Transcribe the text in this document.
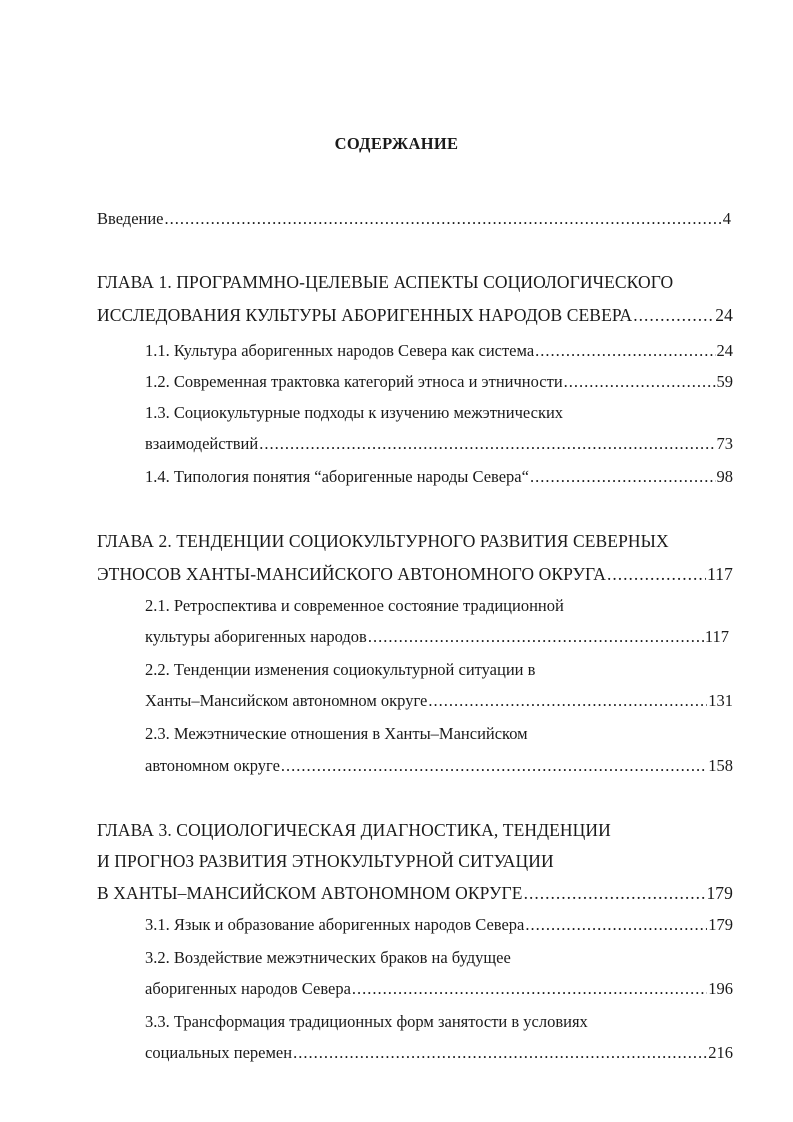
СОДЕРЖАНИЕ
Введение .....	4
ГЛАВА 1. ПРОГРАММНО-ЦЕЛЕВЫЕ АСПЕКТЫ СОЦИОЛОГИЧЕСКОГО
ИССЛЕДОВАНИЯ КУЛЬТУРЫ АБОРИГЕННЫХ НАРОДОВ СЕВЕРА .....	24
1.1. Культура аборигенных народов Севера как система .....	24
1.2. Современная трактовка категорий этноса и этничности .....	59
1.3. Социокультурные подходы к изучению межэтнических
взаимодействий .....	73
1.4. Типология понятия “аборигенные народы Севера“ .....	98
ГЛАВА 2. ТЕНДЕНЦИИ СОЦИОКУЛЬТУРНОГО РАЗВИТИЯ СЕВЕРНЫХ
ЭТНОСОВ ХАНТЫ-МАНСИЙСКОГО АВТОНОМНОГО ОКРУГА .....	117
2.1. Ретроспектива и современное состояние традиционной
культуры аборигенных народов .....	117
2.2. Тенденции изменения социокультурной ситуации в
Ханты–Мансийском автономном округе .....	131
2.3. Межэтнические отношения в Ханты–Мансийском
автономном округе .....	158
ГЛАВА 3. СОЦИОЛОГИЧЕСКАЯ ДИАГНОСТИКА, ТЕНДЕНЦИИ
И ПРОГНОЗ РАЗВИТИЯ ЭТНОКУЛЬТУРНОЙ СИТУАЦИИ
В ХАНТЫ–МАНСИЙСКОМ АВТОНОМНОМ ОКРУГЕ .....	179
3.1. Язык и образование аборигенных народов Севера .....	179
3.2. Воздействие межэтнических браков на будущее
аборигенных народов Севера .....	196
3.3. Трансформация традиционных форм занятости в условиях
социальных перемен .....	216
